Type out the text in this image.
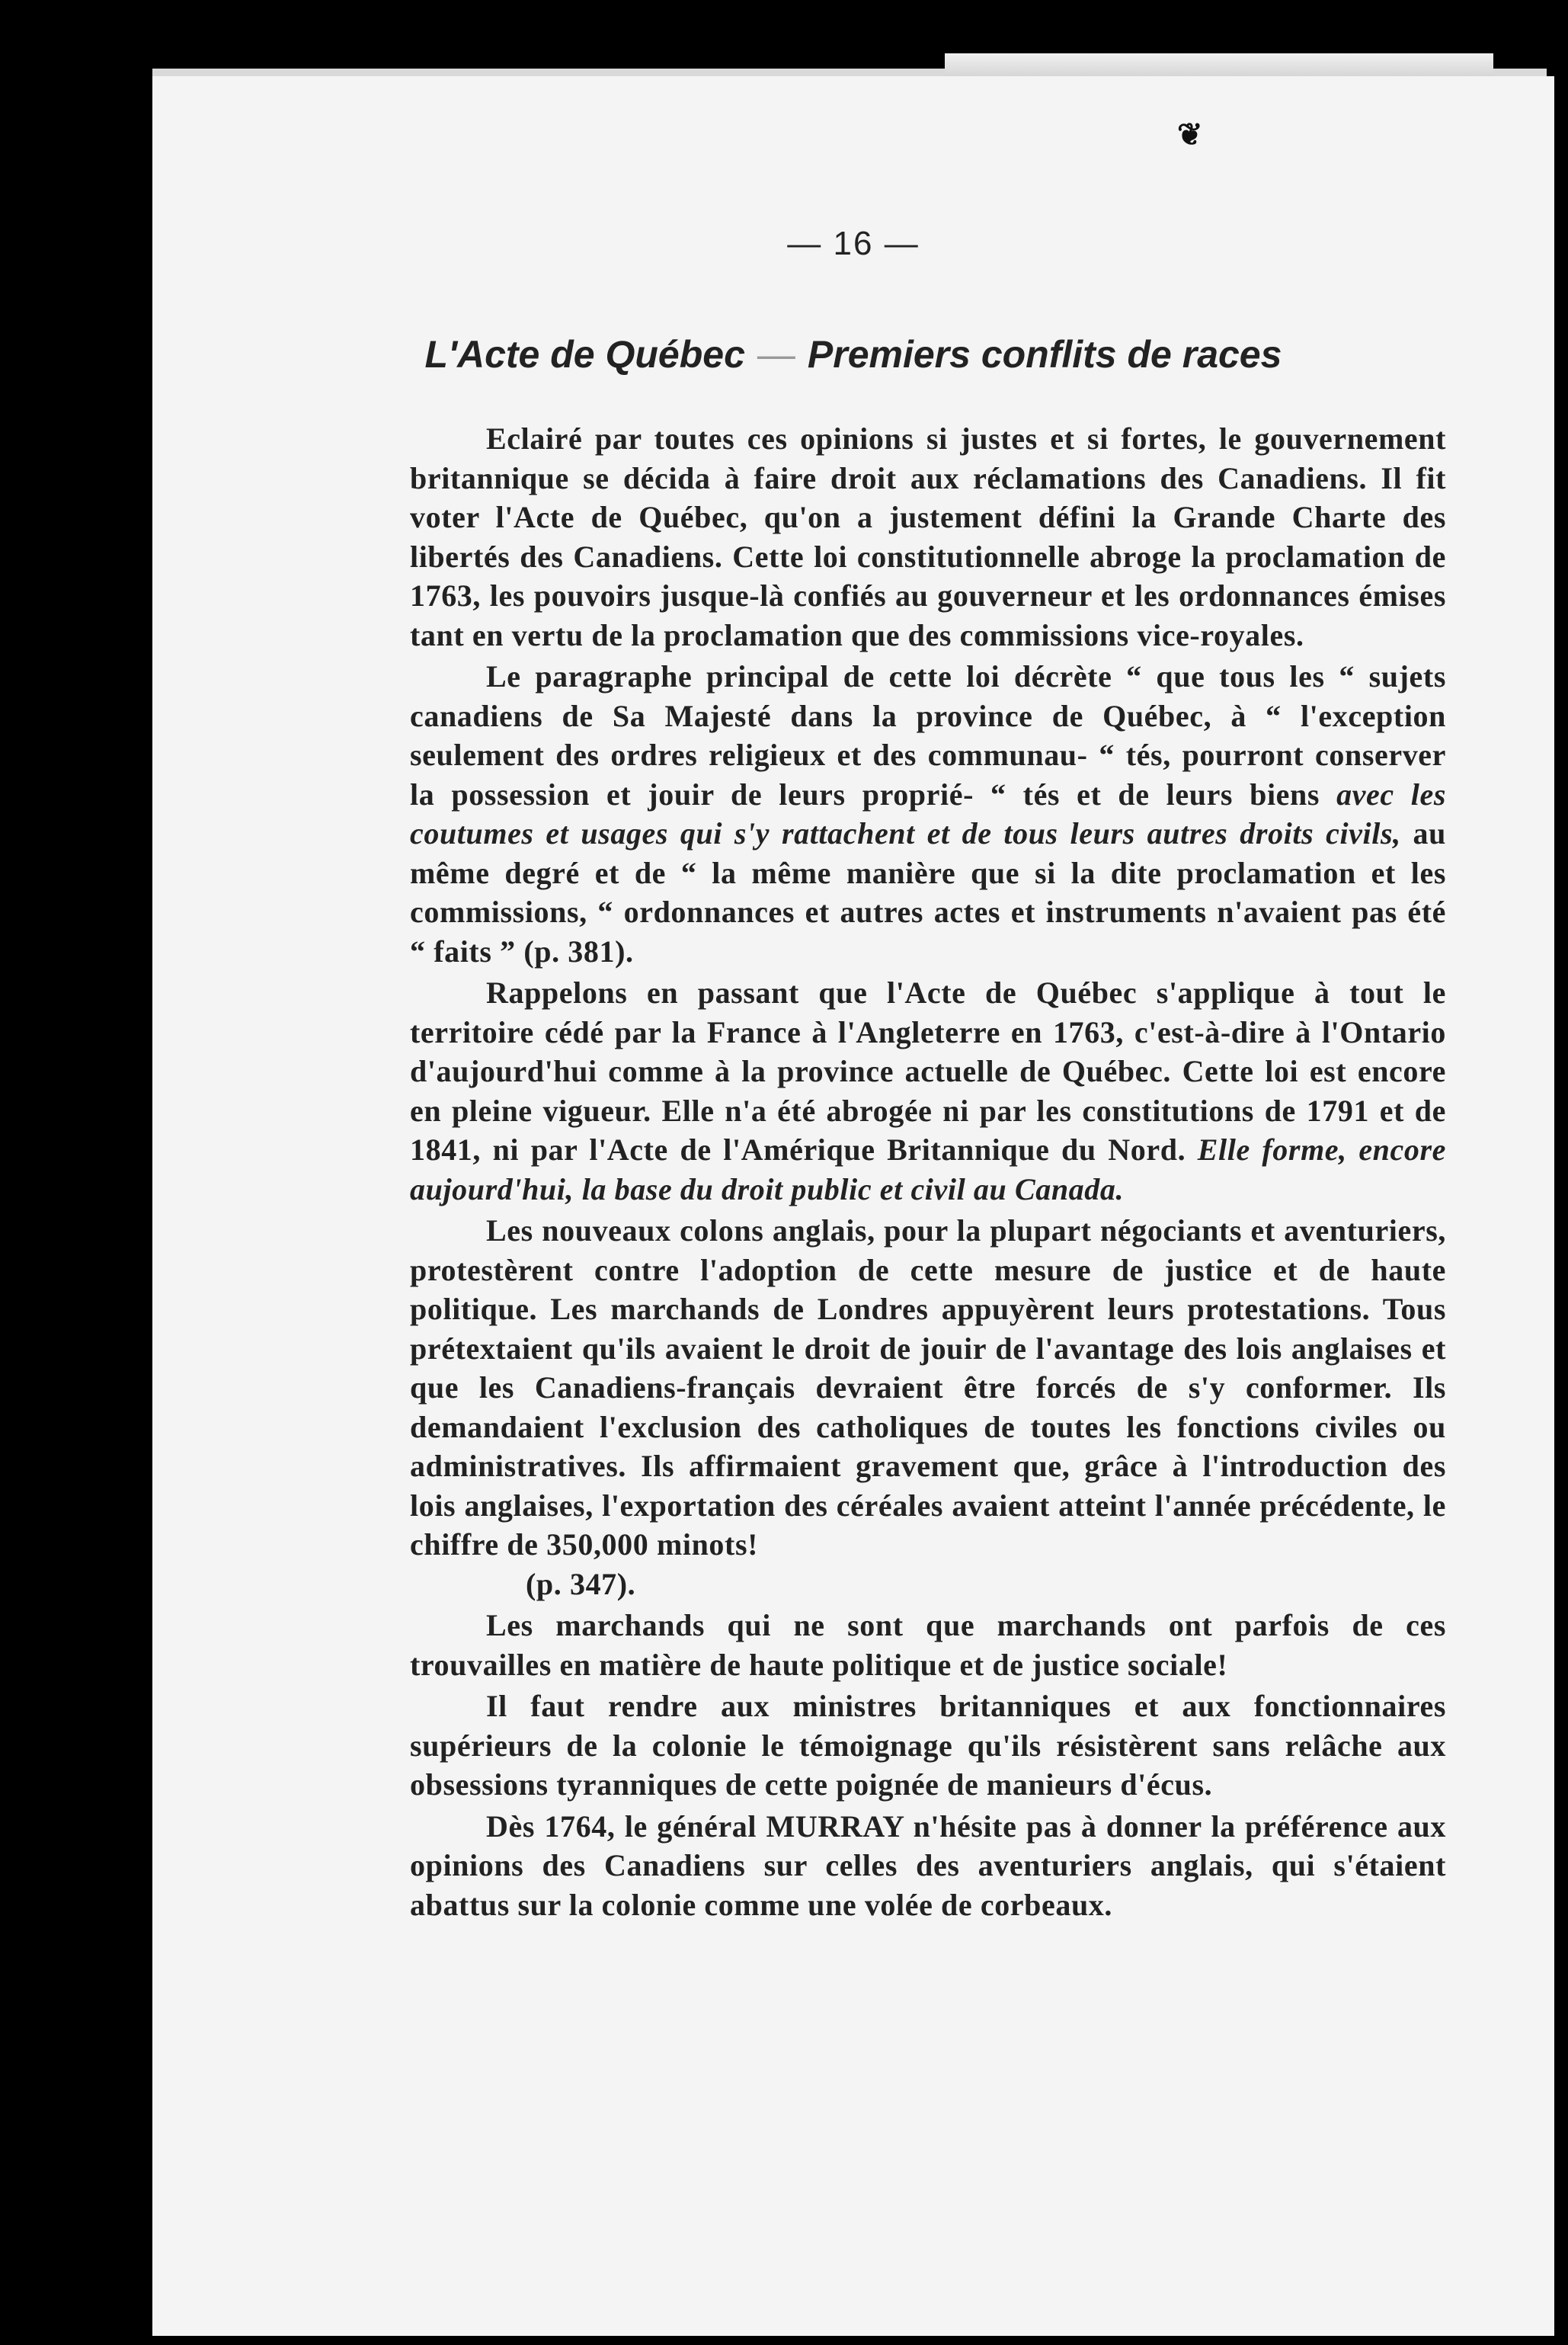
❦
— 16 —
L'Acte de Québec — Premiers conflits de races

Eclairé par toutes ces opinions si justes et si fortes, le gouvernement britannique se décida à faire droit aux réclamations des Canadiens. Il fit voter l'Acte de Québec, qu'on a justement défini la Grande Charte des libertés des Canadiens. Cette loi constitutionnelle abroge la proclamation de 1763, les pouvoirs jusque-là confiés au gouverneur et les ordonnances émises tant en vertu de la proclamation que des commissions vice-royales.

Le paragraphe principal de cette loi décrète “ que tous les “ sujets canadiens de Sa Majesté dans la province de Québec, à “ l'exception seulement des ordres religieux et des communau- “ tés, pourront conserver la possession et jouir de leurs proprié- “ tés et de leurs biens avec les coutumes et usages qui s'y rattachent et de tous leurs autres droits civils, au même degré et de “ la même manière que si la dite proclamation et les commissions, “ ordonnances et autres actes et instruments n'avaient pas été “ faits ” (p. 381).

Rappelons en passant que l'Acte de Québec s'applique à tout le territoire cédé par la France à l'Angleterre en 1763, c'est-à-dire à l'Ontario d'aujourd'hui comme à la province actuelle de Québec. Cette loi est encore en pleine vigueur. Elle n'a été abrogée ni par les constitutions de 1791 et de 1841, ni par l'Acte de l'Amérique Britannique du Nord. Elle forme, encore aujourd'hui, la base du droit public et civil au Canada.

Les nouveaux colons anglais, pour la plupart négociants et aventuriers, protestèrent contre l'adoption de cette mesure de justice et de haute politique. Les marchands de Londres appuyèrent leurs protestations. Tous prétextaient qu'ils avaient le droit de jouir de l'avantage des lois anglaises et que les Canadiens-français devraient être forcés de s'y conformer. Ils demandaient l'exclusion des catholiques de toutes les fonctions civiles ou administratives. Ils affirmaient gravement que, grâce à l'introduction des lois anglaises, l'exportation des céréales avaient atteint l'année précédente, le chiffre de 350,000 minots!
(p. 347).

Les marchands qui ne sont que marchands ont parfois de ces trouvailles en matière de haute politique et de justice sociale!

Il faut rendre aux ministres britanniques et aux fonctionnaires supérieurs de la colonie le témoignage qu'ils résistèrent sans relâche aux obsessions tyranniques de cette poignée de manieurs d'écus.

Dès 1764, le général MURRAY n'hésite pas à donner la préférence aux opinions des Canadiens sur celles des aventuriers anglais, qui s'étaient abattus sur la colonie comme une volée de corbeaux.
